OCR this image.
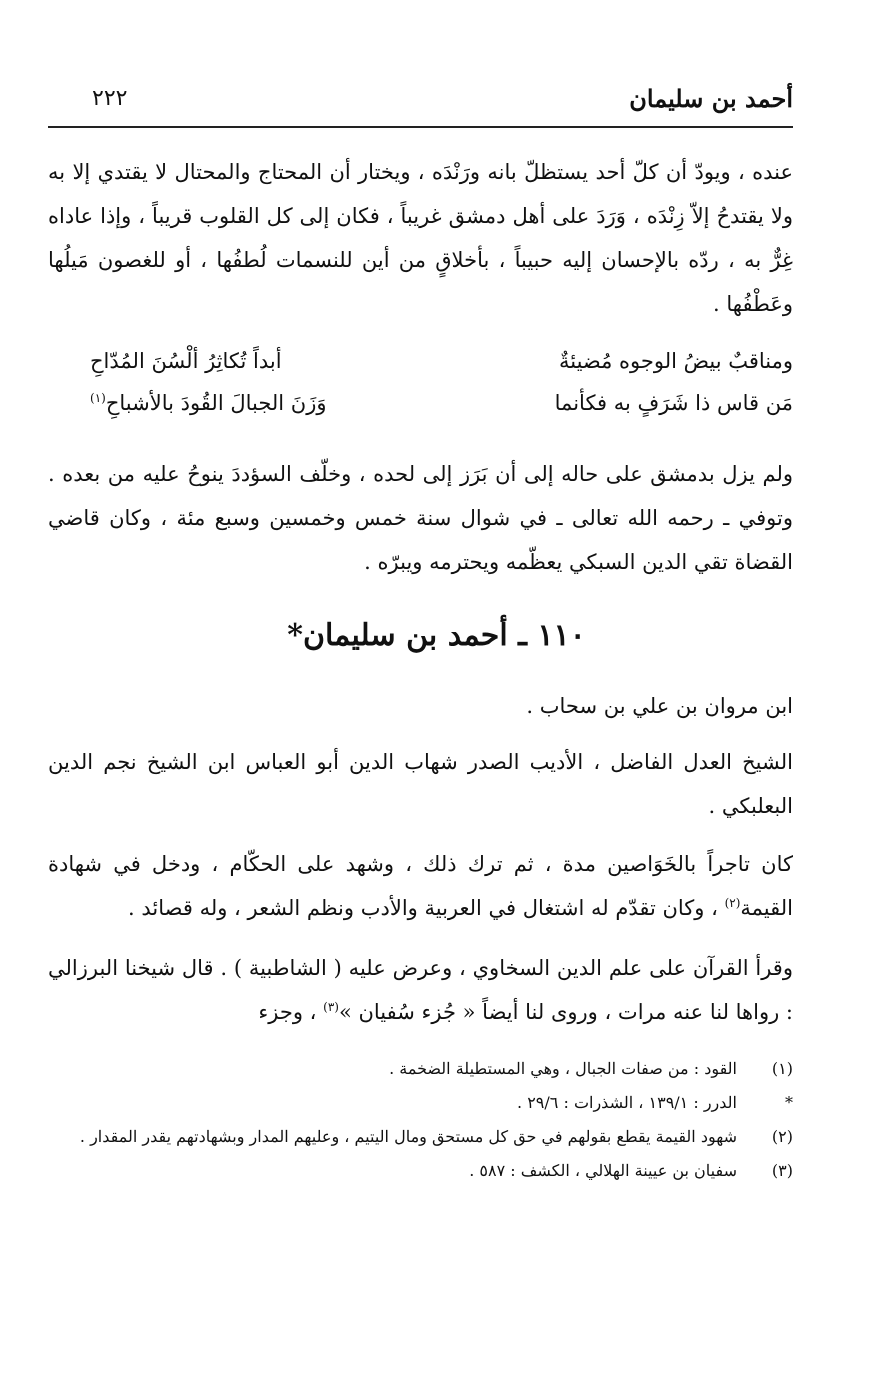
أحمد بن سليمان
٢٢٢
عنده ، ويودّ أن كلّ أحد يستظلّ بانه ورَنْدَه ، ويختار أن المحتاج والمحتال لا يقتدي إلا به ولا يقتدحُ إلاّ زِنْدَه ، وَرَدَ على أهل دمشق غريباً ، فكان إلى كل القلوب قريباً ، وإذا عاداه غِرٌّ به ، ردّه بالإحسان إليه حبيباً ، بأخلاقٍ من أين للنسمات لُطفُها ، أو للغصون مَيلُها وعَطْفُها .
ومناقبٌ بيضُ الوجوه مُضيئةٌ
أبداً تُكاثِرُ ألْسُنَ المُدّاحِ
مَن قاس ذا شَرَفٍ به فكأنما
وَزَنَ الجبالَ القُودَ بالأشباحِ$^{(١)}$
ولم يزل بدمشق على حاله إلى أن بَرَز إلى لحده ، وخلّف السؤددَ ينوحُ عليه من بعده . وتوفي ـ رحمه الله تعالى ـ في شوال سنة خمس وخمسين وسبع مئة ، وكان قاضي القضاة تقي الدين السبكي يعظّمه ويحترمه ويبرّه .
١١٠ ـ أحمد بن سليمان*
ابن مروان بن علي بن سحاب .
الشيخ العدل الفاضل ، الأديب الصدر شهاب الدين أبو العباس ابن الشيخ نجم الدين البعلبكي .
كان تاجراً بالخَوَاصين مدة ، ثم ترك ذلك ، وشهد على الحكّام ، ودخل في شهادة القيمة$^{(٢)}$ ، وكان تقدّم له اشتغال في العربية والأدب ونظم الشعر ، وله قصائد .
وقرأ القرآن على علم الدين السخاوي ، وعرض عليه ( الشاطبية ) . قال شيخنا البرزالي : رواها لنا عنه مرات ، وروى لنا أيضاً « جُزء سُفيان »$^{(٣)}$ ، وجزء
(١)
القود : من صفات الجبال ، وهي المستطيلة الضخمة .
*
الدرر : ١٣٩/١ ، الشذرات : ٢٩/٦ .
(٢)
شهود القيمة يقطع بقولهم في حق كل مستحق ومال اليتيم ، وعليهم المدار وبشهادتهم يقدر المقدار .
(٣)
سفيان بن عيينة الهلالي ، الكشف : ٥٨٧ .
